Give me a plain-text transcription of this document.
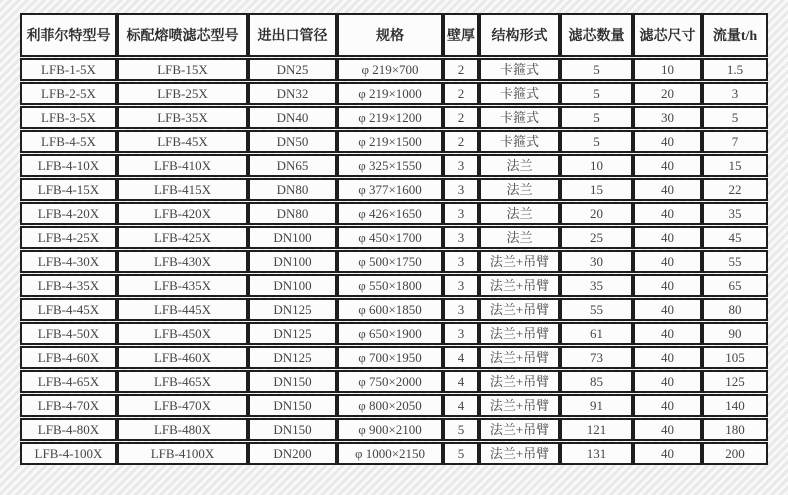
利菲尔特型号	标配熔喷滤芯型号	进出口管径	规格	壁厚	结构形式	滤芯数量	滤芯尺寸	流量t/h
LFB-1-5X	LFB-15X	DN25	φ 219×700	2	卡箍式	5	10	1.5
LFB-2-5X	LFB-25X	DN32	φ 219×1000	2	卡箍式	5	20	3
LFB-3-5X	LFB-35X	DN40	φ 219×1200	2	卡箍式	5	30	5
LFB-4-5X	LFB-45X	DN50	φ 219×1500	2	卡箍式	5	40	7
LFB-4-10X	LFB-410X	DN65	φ 325×1550	3	法兰	10	40	15
LFB-4-15X	LFB-415X	DN80	φ 377×1600	3	法兰	15	40	22
LFB-4-20X	LFB-420X	DN80	φ 426×1650	3	法兰	20	40	35
LFB-4-25X	LFB-425X	DN100	φ 450×1700	3	法兰	25	40	45
LFB-4-30X	LFB-430X	DN100	φ 500×1750	3	法兰+吊臂	30	40	55
LFB-4-35X	LFB-435X	DN100	φ 550×1800	3	法兰+吊臂	35	40	65
LFB-4-45X	LFB-445X	DN125	φ 600×1850	3	法兰+吊臂	55	40	80
LFB-4-50X	LFB-450X	DN125	φ 650×1900	3	法兰+吊臂	61	40	90
LFB-4-60X	LFB-460X	DN125	φ 700×1950	4	法兰+吊臂	73	40	105
LFB-4-65X	LFB-465X	DN150	φ 750×2000	4	法兰+吊臂	85	40	125
LFB-4-70X	LFB-470X	DN150	φ 800×2050	4	法兰+吊臂	91	40	140
LFB-4-80X	LFB-480X	DN150	φ 900×2100	5	法兰+吊臂	121	40	180
LFB-4-100X	LFB-4100X	DN200	φ 1000×2150	5	法兰+吊臂	131	40	200
